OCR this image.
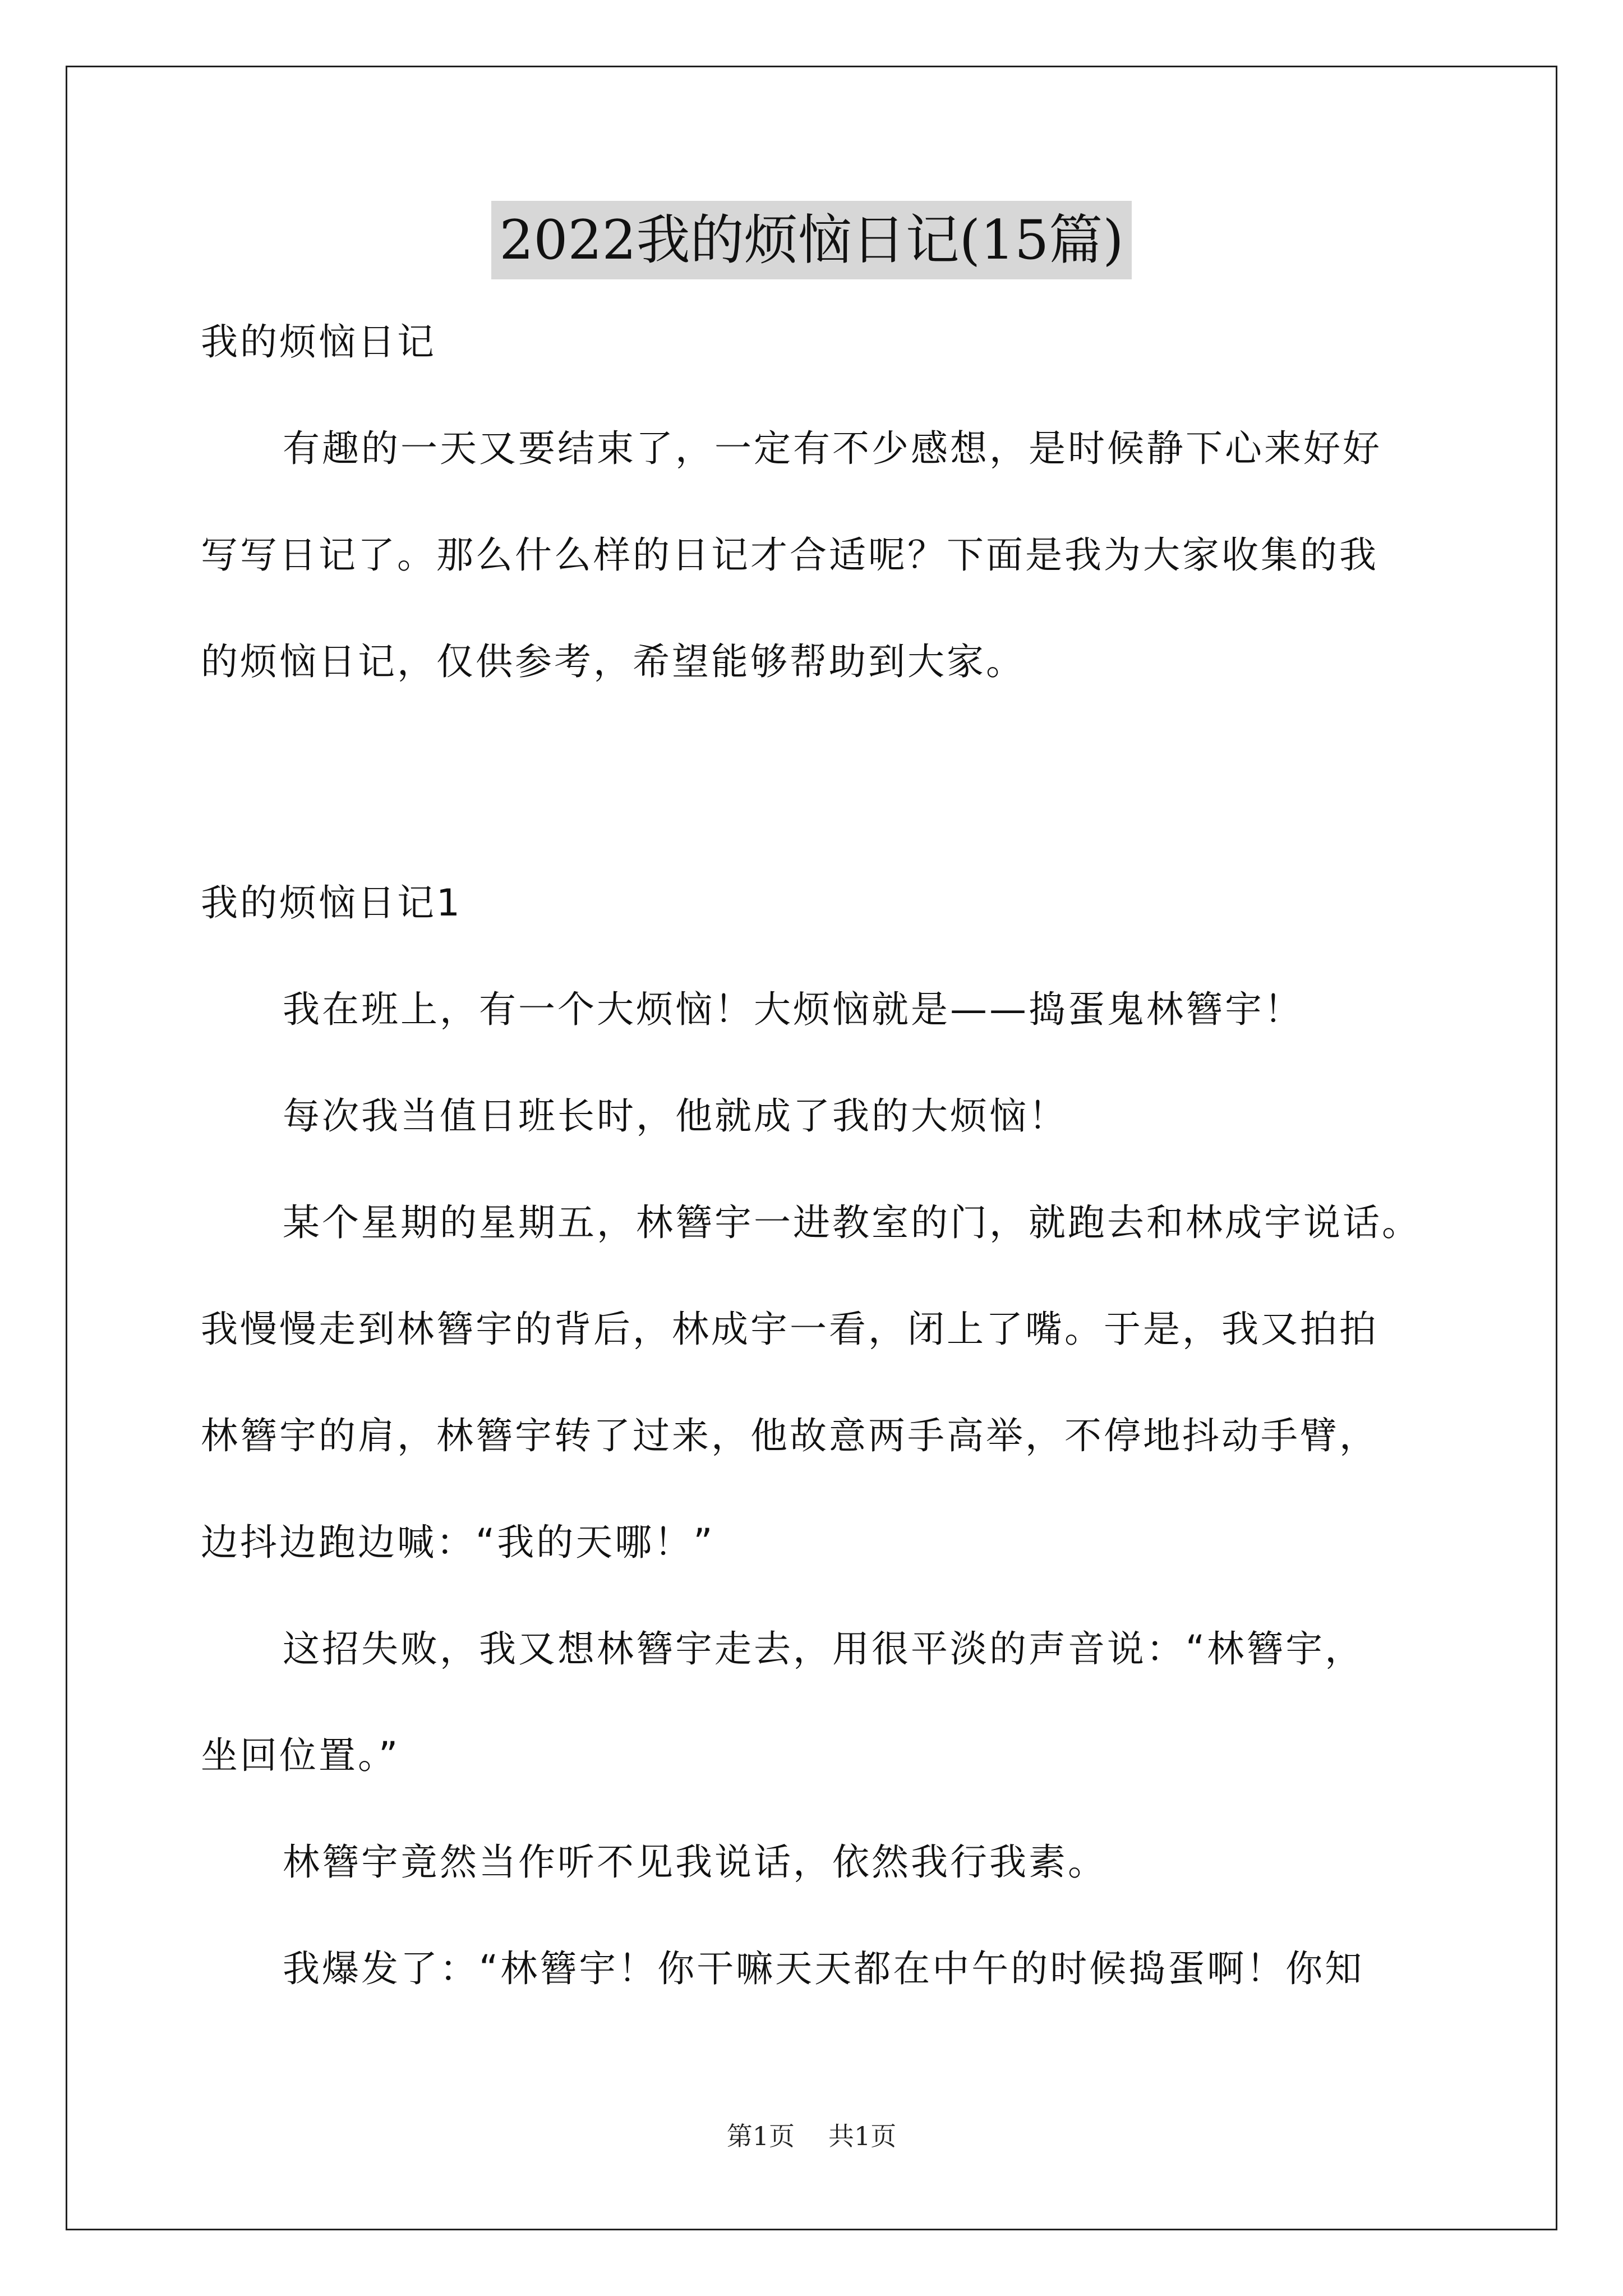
2022我的烦恼日记(15篇)
我的烦恼日记
有趣的一天又要结束了，一定有不少感想，是时候静下心来好好
写写日记了。那么什么样的日记才合适呢？下面是我为大家收集的我
的烦恼日记，仅供参考，希望能够帮助到大家。
我的烦恼日记1
我在班上，有一个大烦恼！大烦恼就是——捣蛋鬼林簪宇！
每次我当值日班长时，他就成了我的大烦恼！
某个星期的星期五，林簪宇一进教室的门，就跑去和林成宇说话。
我慢慢走到林簪宇的背后，林成宇一看，闭上了嘴。于是，我又拍拍
林簪宇的肩，林簪宇转了过来，他故意两手高举，不停地抖动手臂，
边抖边跑边喊：“我的天哪！”
这招失败，我又想林簪宇走去，用很平淡的声音说：“林簪宇，
坐回位置。”
林簪宇竟然当作听不见我说话，依然我行我素。
我爆发了：“林簪宇！你干嘛天天都在中午的时候捣蛋啊！你知
第1页 共1页
